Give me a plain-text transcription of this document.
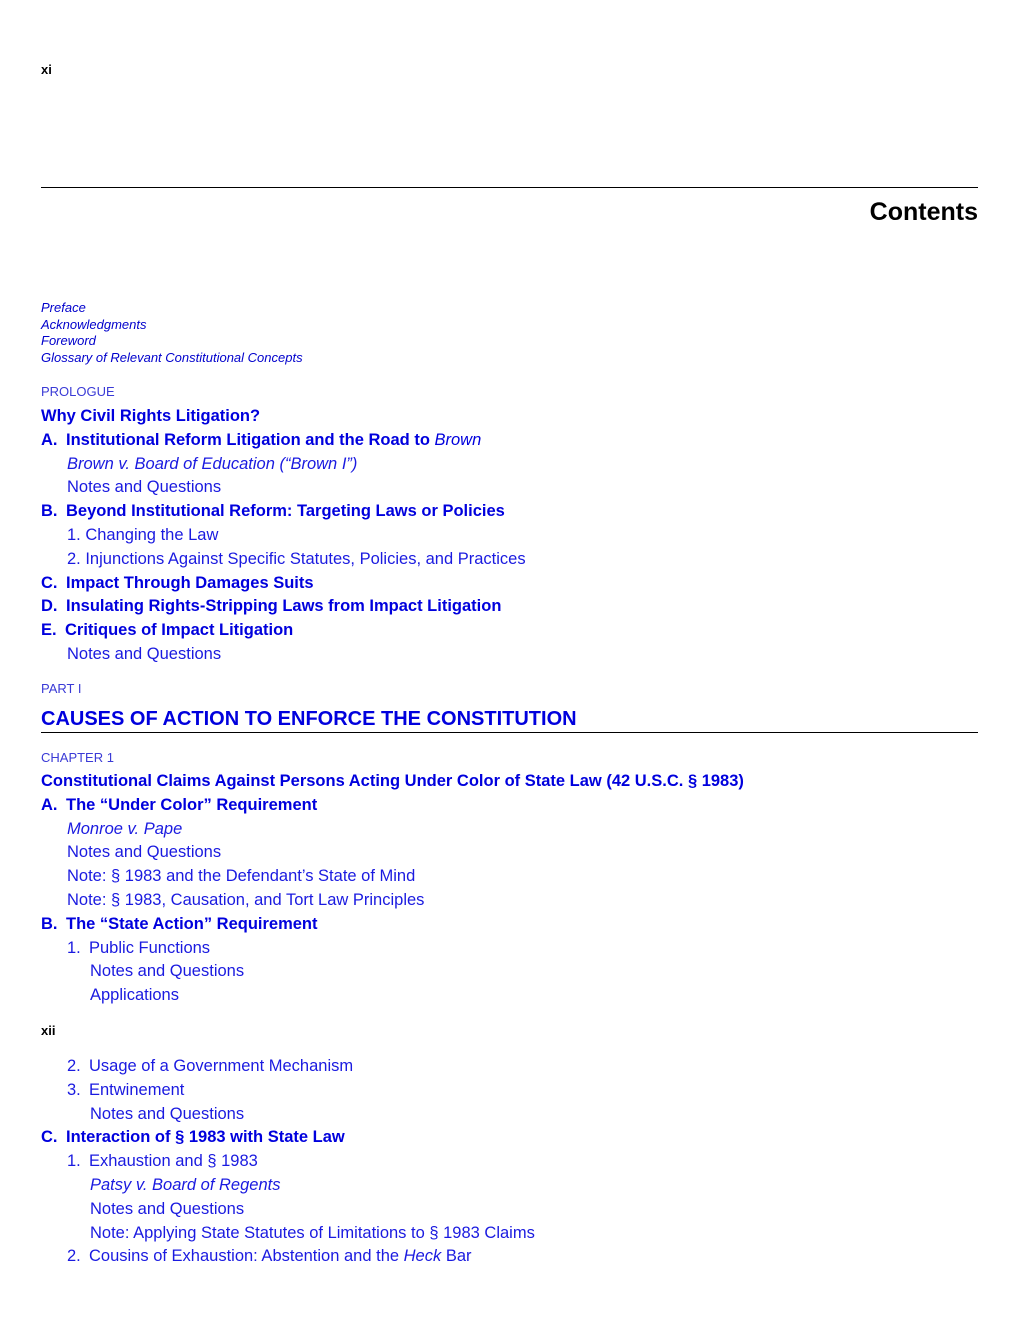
xi
Contents
Preface
Acknowledgments
Foreword
Glossary of Relevant Constitutional Concepts
PROLOGUE
Why Civil Rights Litigation?
A. Institutional Reform Litigation and the Road to Brown
Brown v. Board of Education (“Brown I”)
Notes and Questions
B. Beyond Institutional Reform: Targeting Laws or Policies
1. Changing the Law
2. Injunctions Against Specific Statutes, Policies, and Practices
C. Impact Through Damages Suits
D. Insulating Rights-Stripping Laws from Impact Litigation
E. Critiques of Impact Litigation
Notes and Questions
PART I
CAUSES OF ACTION TO ENFORCE THE CONSTITUTION
CHAPTER 1
Constitutional Claims Against Persons Acting Under Color of State Law (42 U.S.C. § 1983)
A. The “Under Color” Requirement
Monroe v. Pape
Notes and Questions
Note: § 1983 and the Defendant’s State of Mind
Note: § 1983, Causation, and Tort Law Principles
B. The “State Action” Requirement
1. Public Functions
Notes and Questions
Applications
xii
2. Usage of a Government Mechanism
3. Entwinement
Notes and Questions
C. Interaction of § 1983 with State Law
1. Exhaustion and § 1983
Patsy v. Board of Regents
Notes and Questions
Note: Applying State Statutes of Limitations to § 1983 Claims
2. Cousins of Exhaustion: Abstention and the Heck Bar
